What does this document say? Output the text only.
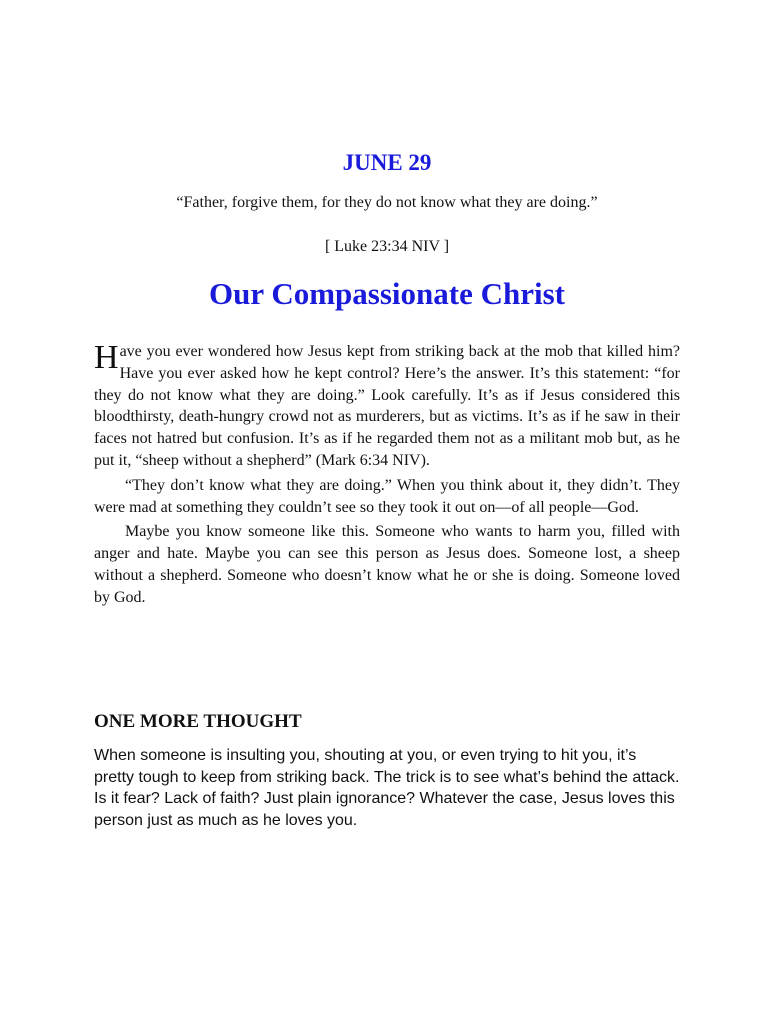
JUNE 29

“Father, forgive them, for they do not know what they are doing.”

[ Luke 23:34 NIV ]

Our Compassionate Christ

Have you ever wondered how Jesus kept from striking back at the mob that killed him? Have you ever asked how he kept control? Here’s the answer. It’s this statement: “for they do not know what they are doing.” Look carefully. It’s as if Jesus considered this bloodthirsty, death-hungry crowd not as murderers, but as victims. It’s as if he saw in their faces not hatred but confusion. It’s as if he regarded them not as a militant mob but, as he put it, “sheep without a shepherd” (Mark 6:34 NIV).

“They don’t know what they are doing.” When you think about it, they didn’t. They were mad at something they couldn’t see so they took it out on—of all people—God.

Maybe you know someone like this. Someone who wants to harm you, filled with anger and hate. Maybe you can see this person as Jesus does. Someone lost, a sheep without a shepherd. Someone who doesn’t know what he or she is doing. Someone loved by God.

ONE MORE THOUGHT

When someone is insulting you, shouting at you, or even trying to hit you, it’s pretty tough to keep from striking back. The trick is to see what’s behind the attack. Is it fear? Lack of faith? Just plain ignorance? Whatever the case, Jesus loves this person just as much as he loves you.
